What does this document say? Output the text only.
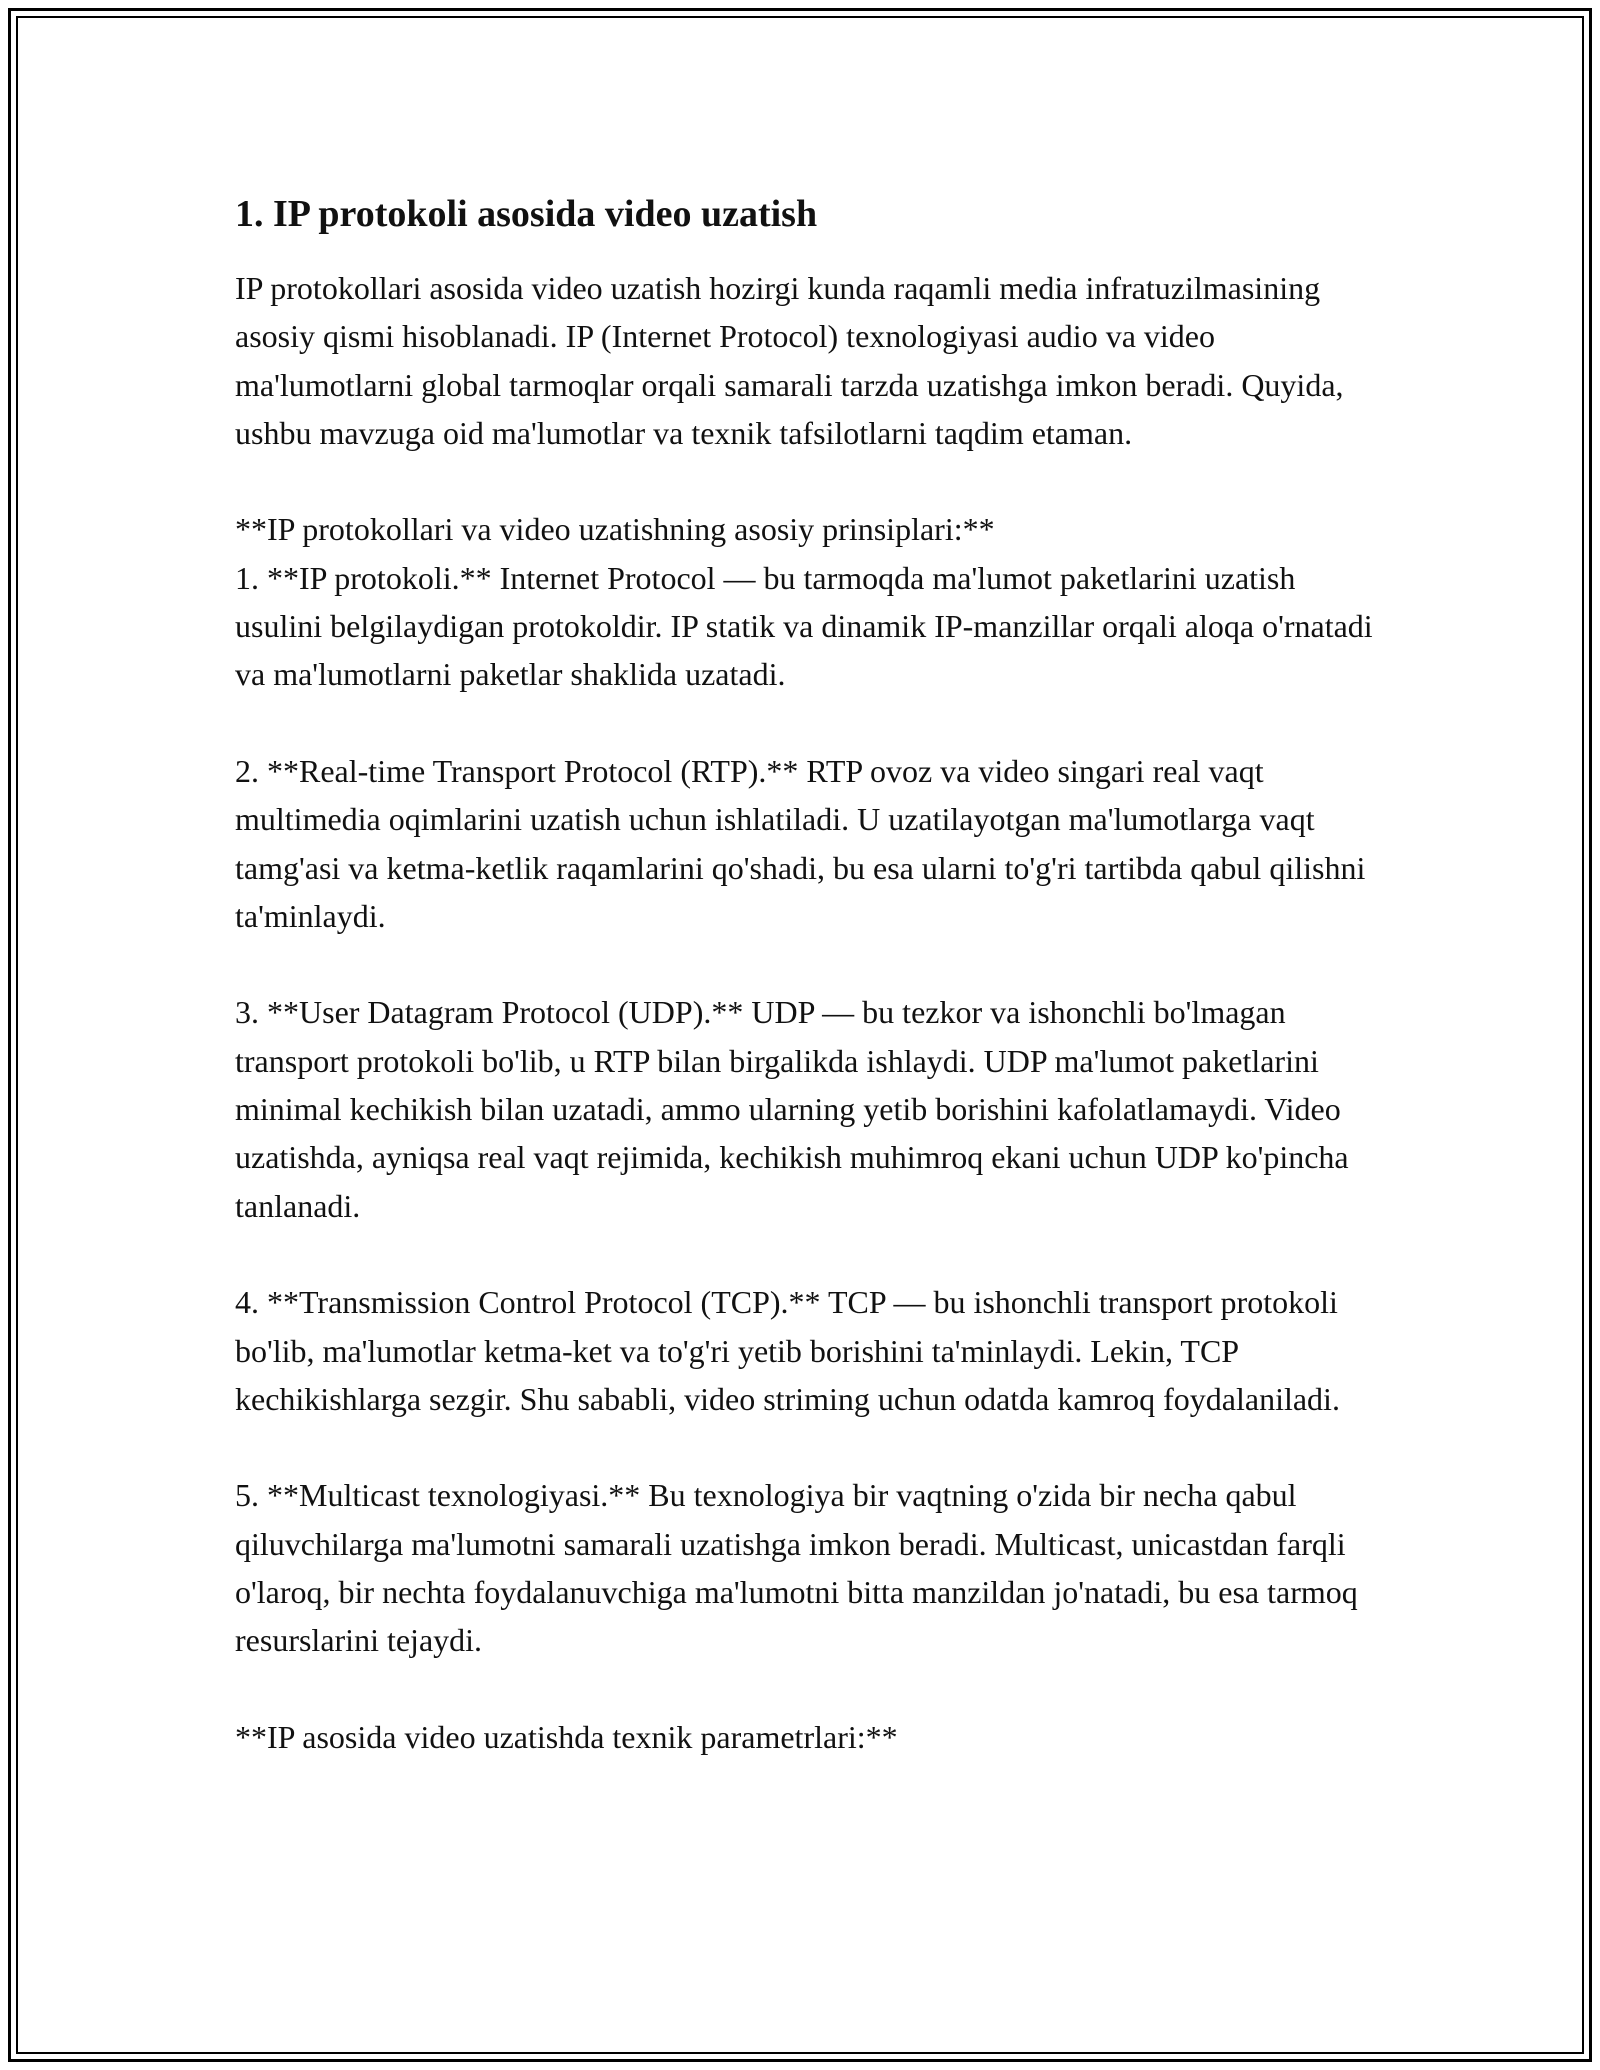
1. IP protokoli asosida video uzatish

IP protokollari asosida video uzatish hozirgi kunda raqamli media infratuzilmasining asosiy qismi hisoblanadi. IP (Internet Protocol) texnologiyasi audio va video ma'lumotlarni global tarmoqlar orqali samarali tarzda uzatishga imkon beradi. Quyida, ushbu mavzuga oid ma'lumotlar va texnik tafsilotlarni taqdim etaman.

**IP protokollari va video uzatishning asosiy prinsiplari:**

1. **IP protokoli.** Internet Protocol — bu tarmoqda ma'lumot paketlarini uzatish usulini belgilaydigan protokoldir. IP statik va dinamik IP-manzillar orqali aloqa o'rnatadi va ma'lumotlarni paketlar shaklida uzatadi.

2. **Real-time Transport Protocol (RTP).** RTP ovoz va video singari real vaqt multimedia oqimlarini uzatish uchun ishlatiladi. U uzatilayotgan ma'lumotlarga vaqt tamg'asi va ketma-ketlik raqamlarini qo'shadi, bu esa ularni to'g'ri tartibda qabul qilishni ta'minlaydi.

3. **User Datagram Protocol (UDP).** UDP — bu tezkor va ishonchli bo'lmagan transport protokoli bo'lib, u RTP bilan birgalikda ishlaydi. UDP ma'lumot paketlarini minimal kechikish bilan uzatadi, ammo ularning yetib borishini kafolatlamaydi. Video uzatishda, ayniqsa real vaqt rejimida, kechikish muhimroq ekani uchun UDP ko'pincha tanlanadi.

4. **Transmission Control Protocol (TCP).** TCP — bu ishonchli transport protokoli bo'lib, ma'lumotlar ketma-ket va to'g'ri yetib borishini ta'minlaydi. Lekin, TCP kechikishlarga sezgir. Shu sababli, video striming uchun odatda kamroq foydalaniladi.

5. **Multicast texnologiyasi.** Bu texnologiya bir vaqtning o'zida bir necha qabul qiluvchilarga ma'lumotni samarali uzatishga imkon beradi. Multicast, unicastdan farqli o'laroq, bir nechta foydalanuvchiga ma'lumotni bitta manzildan jo'natadi, bu esa tarmoq resurslarini tejaydi.

**IP asosida video uzatishda texnik parametrlari:**
